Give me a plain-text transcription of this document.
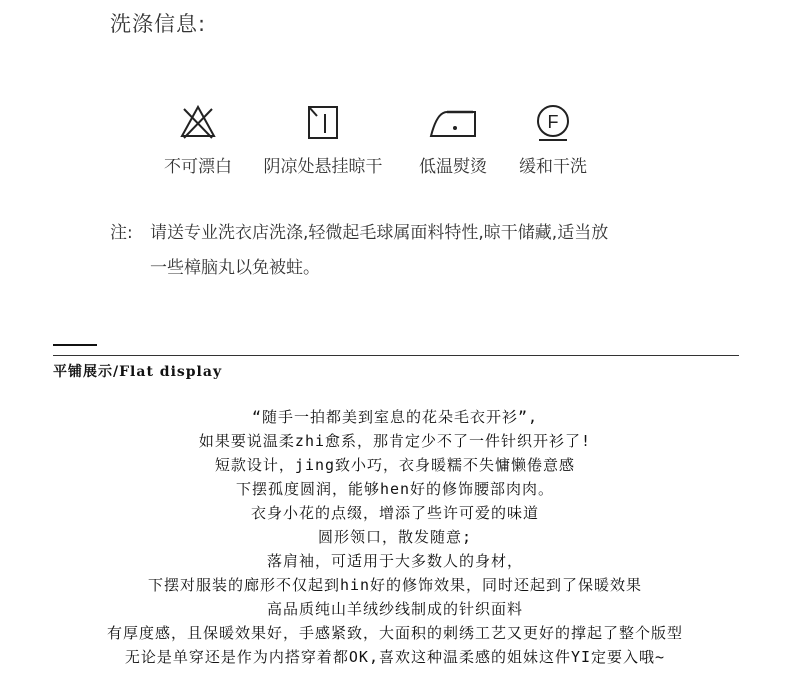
洗涤信息:
不可漂白 阴凉处悬挂晾干 低温熨烫
F
缓和干洗
注:	请送专业洗衣店洗涤,轻微起毛球属面料特性,晾干储藏,适当放
一些樟脑丸以免被蛀。
平铺展示/Flat display
“随手一拍都美到室息的花朵毛衣开衫”,
如果要说温柔zhi愈系，那肯定少不了一件针织开衫了!
短款设计，jing致小巧，衣身暖糯不失慵懒倦意感
下摆孤度圆润，能够hen好的修饰腰部肉肉。
衣身小花的点缀，增添了些许可爱的味道
圆形领口，散发随意;
落肩袖，可适用于大多数人的身材，
下摆对服装的廊形不仅起到hin好的修饰效果，同时还起到了保暖效果
高品质纯山羊绒纱线制成的针织面料
有厚度感，且保暖效果好，手感紧致，大面积的刺绣工艺又更好的撑起了整个版型
无论是单穿还是作为内搭穿着都OK,喜欢这种温柔感的姐妹这件YI定要入哦~
